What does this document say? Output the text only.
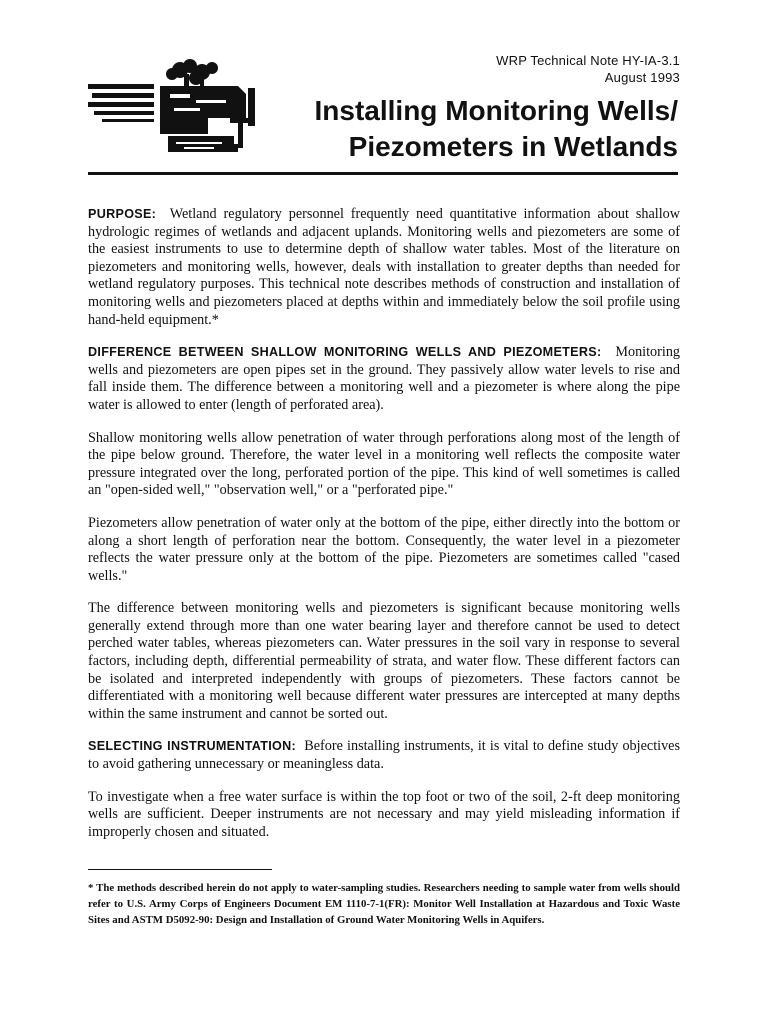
WRP Technical Note HY-IA-3.1
August 1993
Installing Monitoring Wells/
Piezometers in Wetlands

PURPOSE: Wetland regulatory personnel frequently need quantitative information about shallow hydrologic regimes of wetlands and adjacent uplands. Monitoring wells and piezometers are some of the easiest instruments to use to determine depth of shallow water tables. Most of the literature on piezometers and monitoring wells, however, deals with installation to greater depths than needed for wetland regulatory purposes. This technical note describes methods of construction and installation of monitoring wells and piezometers placed at depths within and immediately below the soil profile using hand-held equipment.*

DIFFERENCE BETWEEN SHALLOW MONITORING WELLS AND PIEZOMETERS: Monitoring wells and piezometers are open pipes set in the ground. They passively allow water levels to rise and fall inside them. The difference between a monitoring well and a piezometer is where along the pipe water is allowed to enter (length of perforated area).

Shallow monitoring wells allow penetration of water through perforations along most of the length of the pipe below ground. Therefore, the water level in a monitoring well reflects the composite water pressure integrated over the long, perforated portion of the pipe. This kind of well sometimes is called an "open-sided well," "observation well," or a "perforated pipe."

Piezometers allow penetration of water only at the bottom of the pipe, either directly into the bottom or along a short length of perforation near the bottom. Consequently, the water level in a piezometer reflects the water pressure only at the bottom of the pipe. Piezometers are sometimes called "cased wells."

The difference between monitoring wells and piezometers is significant because monitoring wells generally extend through more than one water bearing layer and therefore cannot be used to detect perched water tables, whereas piezometers can. Water pressures in the soil vary in response to several factors, including depth, differential permeability of strata, and water flow. These different factors can be isolated and interpreted independently with groups of piezometers. These factors cannot be differentiated with a monitoring well because different water pressures are intercepted at many depths within the same instrument and cannot be sorted out.

SELECTING INSTRUMENTATION: Before installing instruments, it is vital to define study objectives to avoid gathering unnecessary or meaningless data.

To investigate when a free water surface is within the top foot or two of the soil, 2-ft deep monitoring wells are sufficient. Deeper instruments are not necessary and may yield misleading information if improperly chosen and situated.

* The methods described herein do not apply to water-sampling studies. Researchers needing to sample water from wells should refer to U.S. Army Corps of Engineers Document EM 1110-7-1(FR): Monitor Well Installation at Hazardous and Toxic Waste Sites and ASTM D5092-90: Design and Installation of Ground Water Monitoring Wells in Aquifers.
